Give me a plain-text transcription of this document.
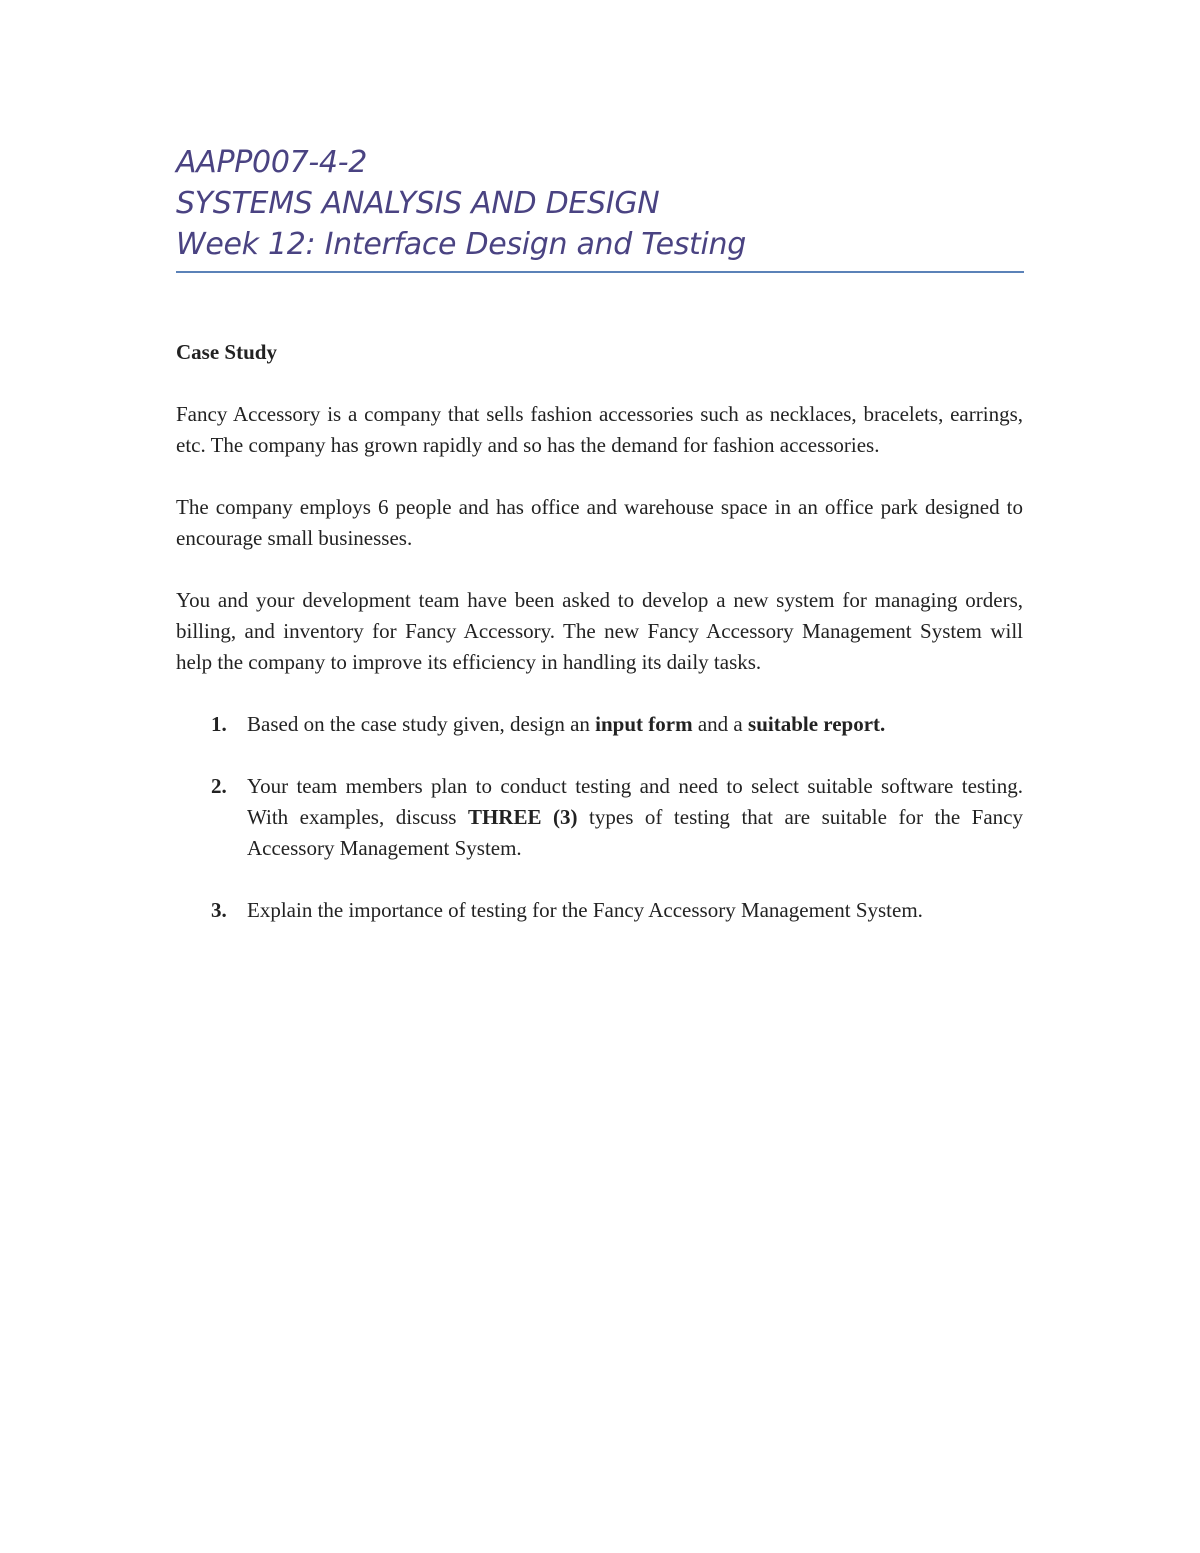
AAPP007-4-2
SYSTEMS ANALYSIS AND DESIGN
Week 12: Interface Design and Testing
Case Study

Fancy Accessory is a company that sells fashion accessories such as necklaces, bracelets, earrings, etc. The company has grown rapidly and so has the demand for fashion accessories.

The company employs 6 people and has office and warehouse space in an office park designed to encourage small businesses.

You and your development team have been asked to develop a new system for managing orders, billing, and inventory for Fancy Accessory. The new Fancy Accessory Management System will help the company to improve its efficiency in handling its daily tasks.

1. Based on the case study given, design an input form and a suitable report.
2. Your team members plan to conduct testing and need to select suitable software testing. With examples, discuss THREE (3) types of testing that are suitable for the Fancy Accessory Management System.
3. Explain the importance of testing for the Fancy Accessory Management System.
